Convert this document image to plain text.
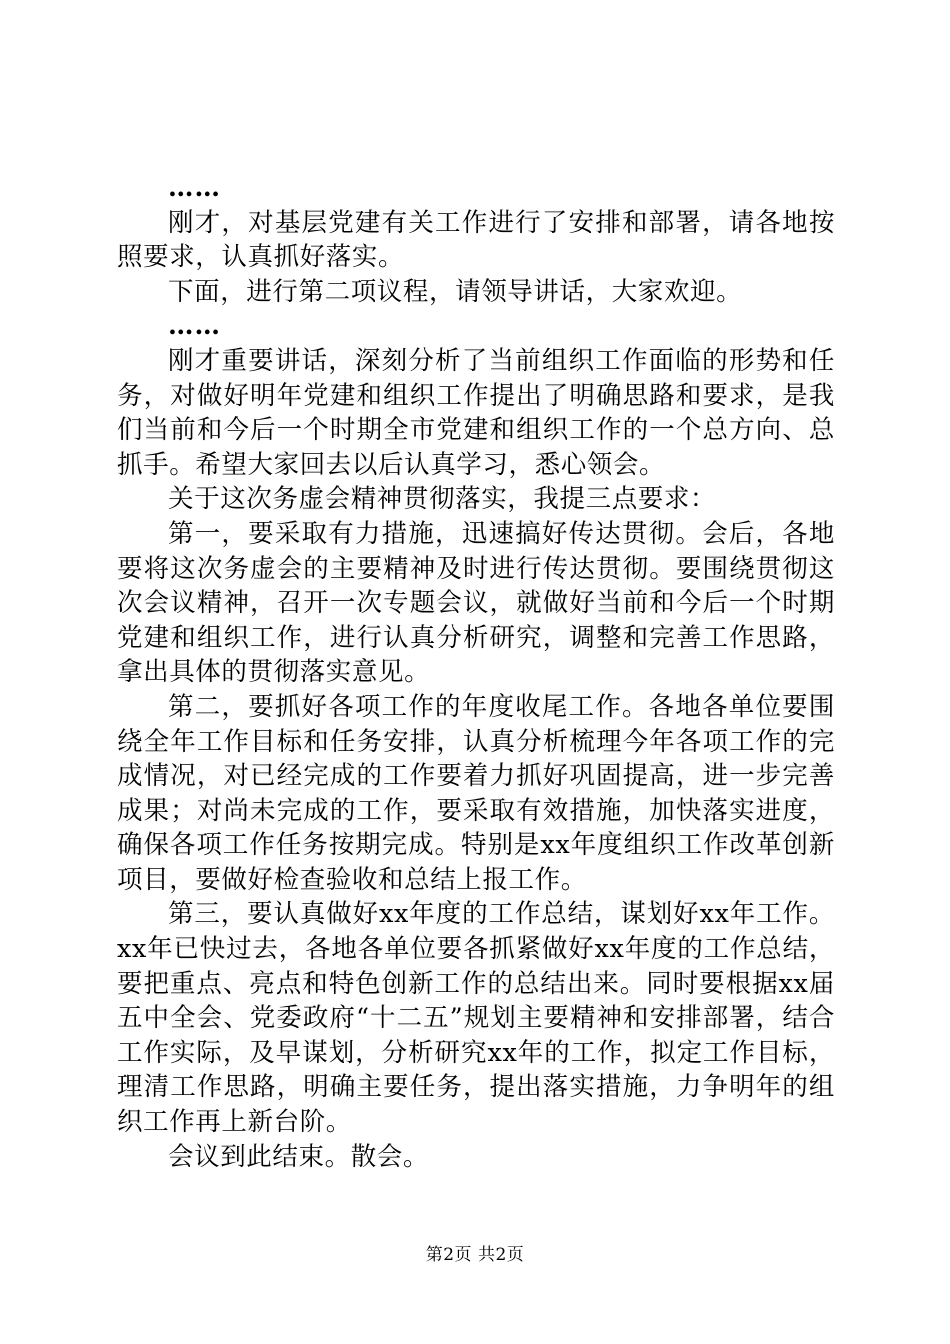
……

刚才，对基层党建有关工作进行了安排和部署，请各地按照要求，认真抓好落实。

下面，进行第二项议程，请领导讲话，大家欢迎。

……

刚才重要讲话，深刻分析了当前组织工作面临的形势和任务，对做好明年党建和组织工作提出了明确思路和要求，是我们当前和今后一个时期全市党建和组织工作的一个总方向、总抓手。希望大家回去以后认真学习，悉心领会。

关于这次务虚会精神贯彻落实，我提三点要求：

第一，要采取有力措施，迅速搞好传达贯彻。会后，各地要将这次务虚会的主要精神及时进行传达贯彻。要围绕贯彻这次会议精神，召开一次专题会议，就做好当前和今后一个时期党建和组织工作，进行认真分析研究，调整和完善工作思路，拿出具体的贯彻落实意见。

第二，要抓好各项工作的年度收尾工作。各地各单位要围绕全年工作目标和任务安排，认真分析梳理今年各项工作的完成情况，对已经完成的工作要着力抓好巩固提高，进一步完善成果；对尚未完成的工作，要采取有效措施，加快落实进度，确保各项工作任务按期完成。特别是xx年度组织工作改革创新项目，要做好检查验收和总结上报工作。

第三，要认真做好xx年度的工作总结，谋划好xx年工作。xx年已快过去，各地各单位要各抓紧做好xx年度的工作总结，要把重点、亮点和特色创新工作的总结出来。同时要根据xx届五中全会、党委政府“十二五”规划主要精神和安排部署，结合工作实际，及早谋划，分析研究xx年的工作，拟定工作目标，理清工作思路，明确主要任务，提出落实措施，力争明年的组织工作再上新台阶。

会议到此结束。散会。

第2页 共2页
